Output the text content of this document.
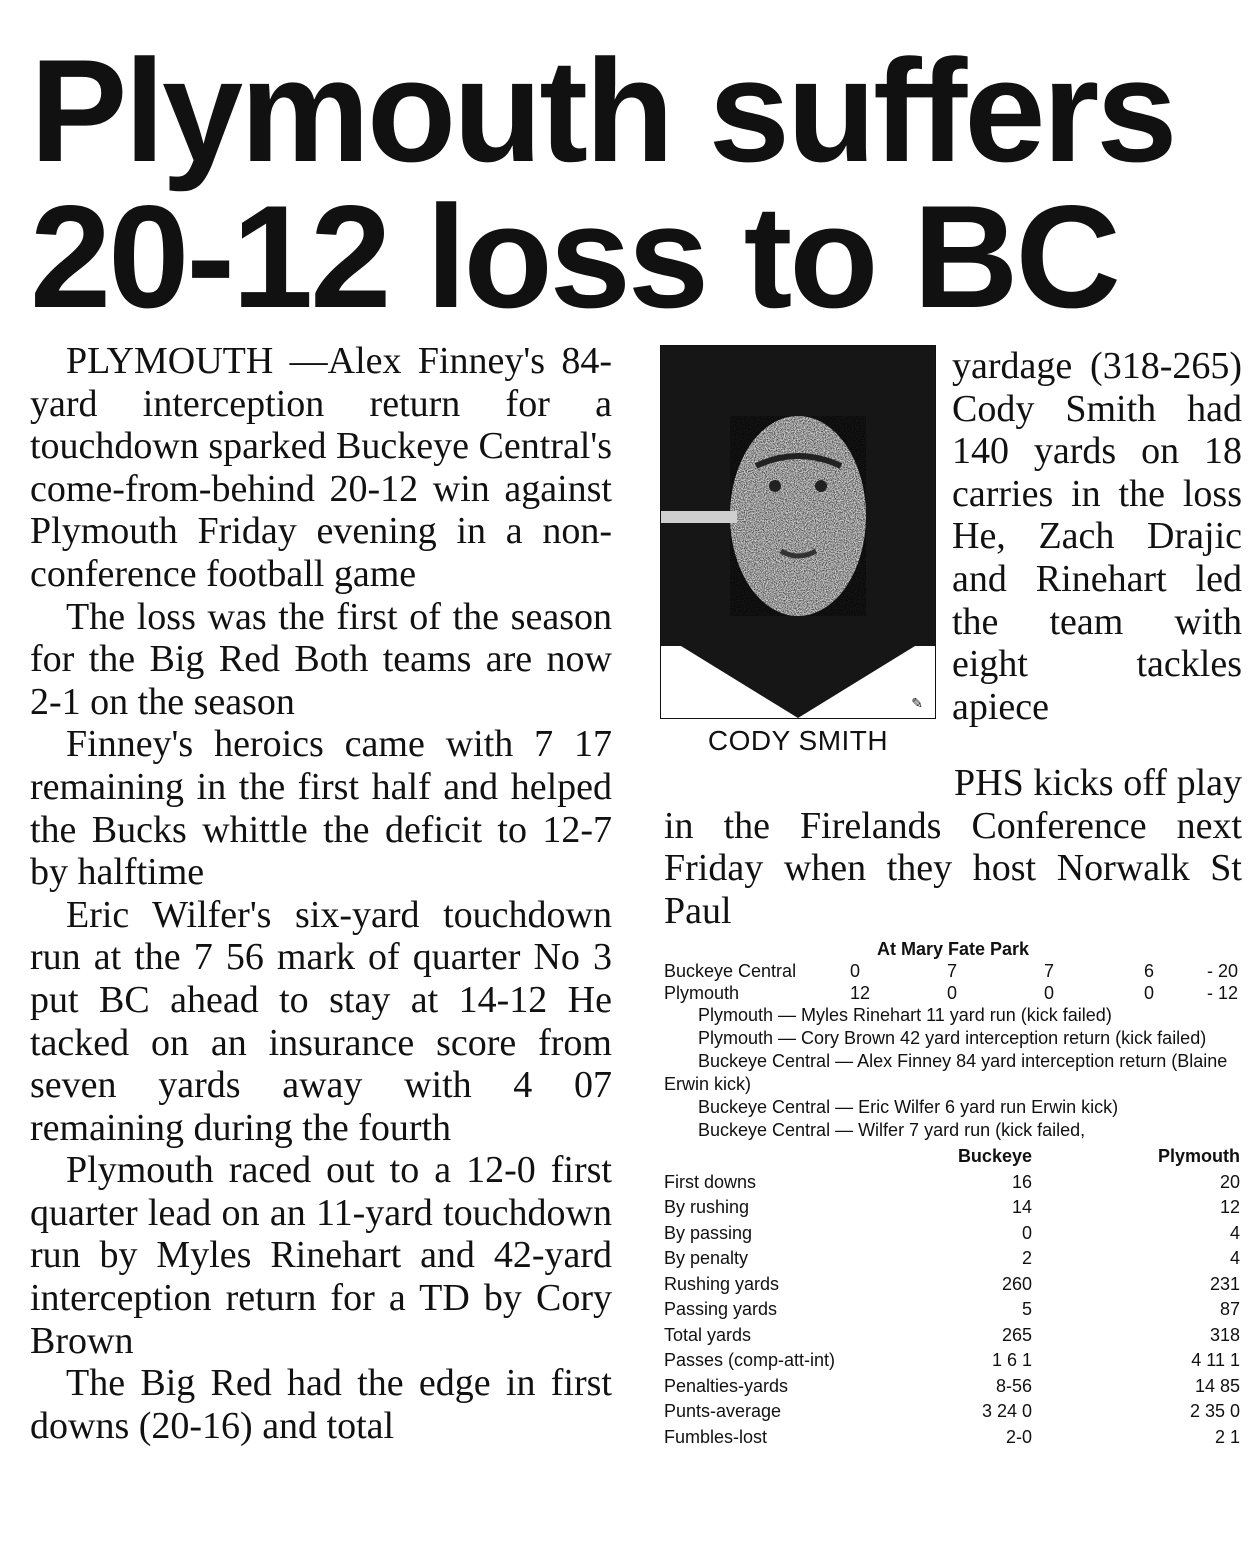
Plymouth suffers
20-12 loss to BC

PLYMOUTH —Alex Finney's 84-yard interception return for a touchdown sparked Buckeye Central's come-from-behind 20-12 win against Plymouth Friday evening in a non-conference football game

The loss was the first of the season for the Big Red Both teams are now 2-1 on the season

Finney's heroics came with 7 17 remaining in the first half and helped the Bucks whittle the deficit to 12-7 by halftime

Eric Wilfer's six-yard touchdown run at the 7 56 mark of quarter No 3 put BC ahead to stay at 14-12 He tacked on an insurance score from seven yards away with 4 07 remaining during the fourth

Plymouth raced out to a 12-0 first quarter lead on an 11-yard touchdown run by Myles Rinehart and 42-yard interception return for a TD by Cory Brown

The Big Red had the edge in first downs (20-16) and total

✎
CODY SMITH

yardage (318-265) Cody Smith had 140 yards on 18 carries in the loss He, Zach Drajic and Rinehart led the team with eight tackles apiece

PHS kicks off play in the Firelands Conference next Friday when they host Norwalk St Paul

At Mary Fate Park
Buckeye Central	0	7	7	6	- 20
Plymouth	12	0	0	0	- 12
Plymouth — Myles Rinehart 11 yard run (kick failed)
Plymouth — Cory Brown 42 yard interception return (kick failed)
Buckeye Central — Alex Finney 84 yard interception return (Blaine Erwin kick)
Buckeye Central — Eric Wilfer 6 yard run Erwin kick)
Buckeye Central — Wilfer 7 yard run (kick failed,
Buckeye	Plymouth
First downs	16	20
By rushing	14	12
By passing	0	4
By penalty	2	4
Rushing yards	260	231
Passing yards	5	87
Total yards	265	318
Passes (comp-att-int)	1 6 1	4 11 1
Penalties-yards	8-56	14 85
Punts-average	3 24 0	2 35 0
Fumbles-lost	2-0	2 1
